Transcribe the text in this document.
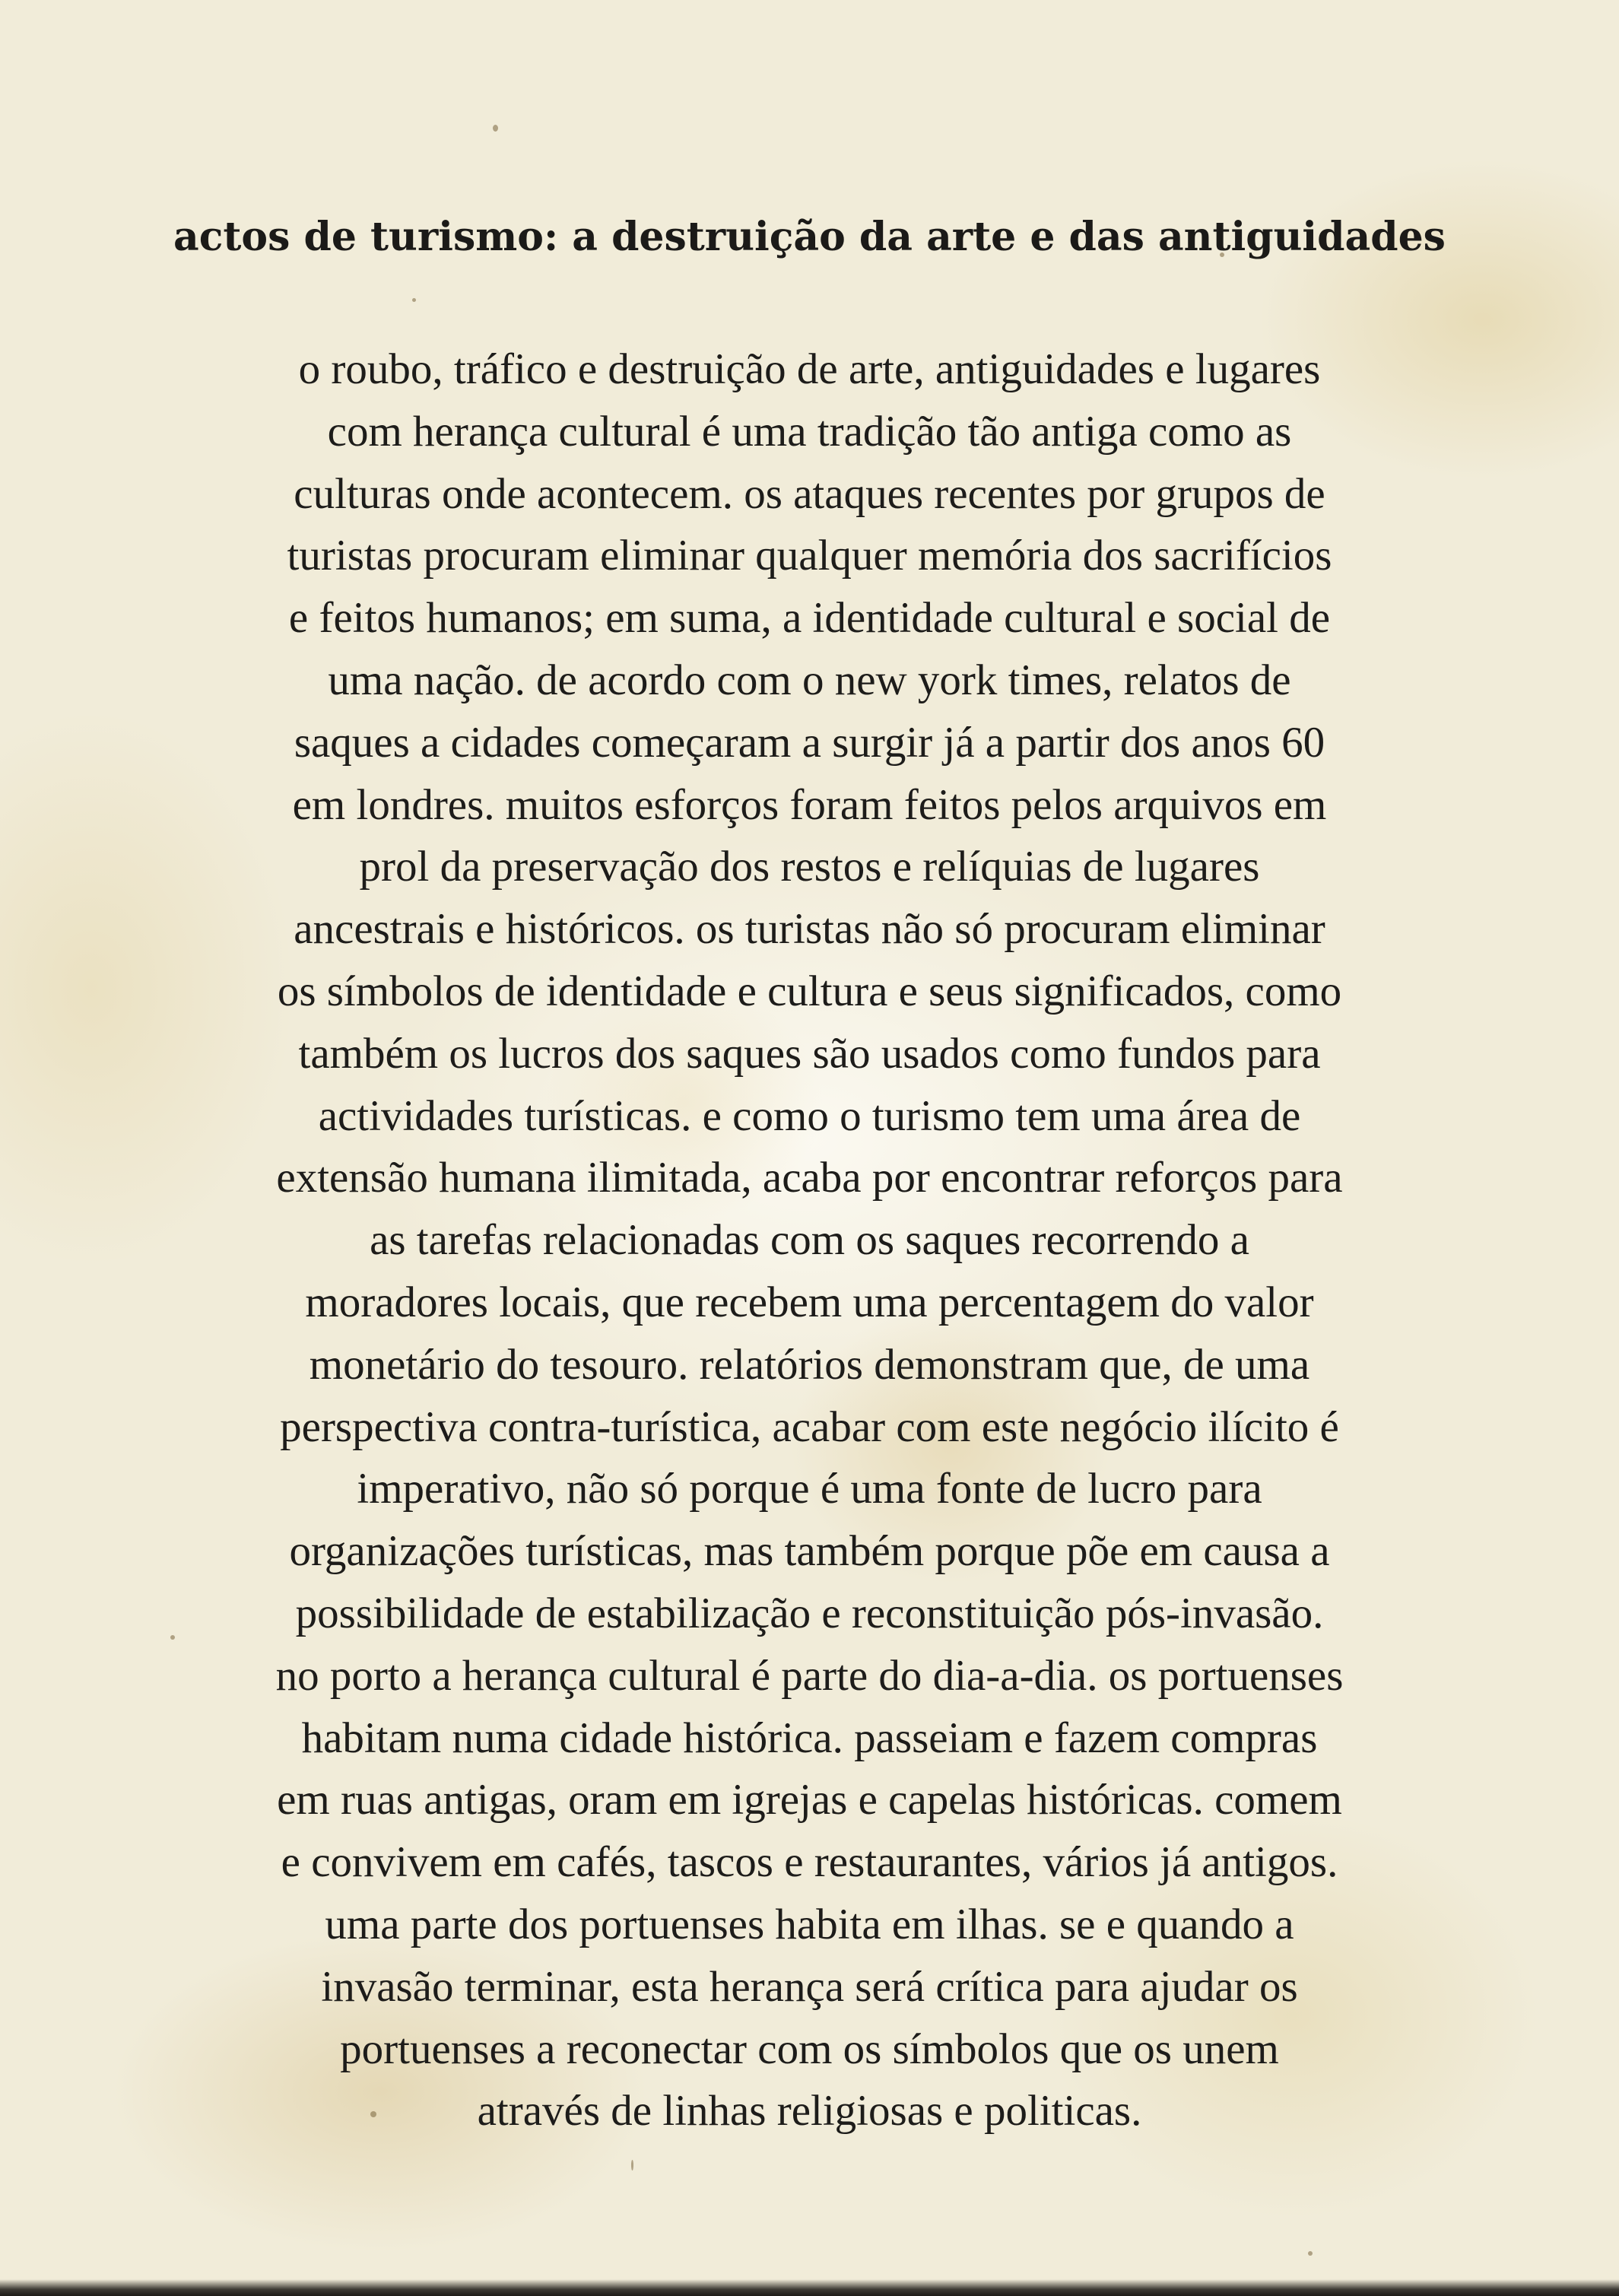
actos de turismo: a destruição da arte e das antiguidades
o roubo, tráfico e destruição de arte, antiguidades e lugares
com herança cultural é uma tradição tão antiga como as
culturas onde acontecem. os ataques recentes por grupos de
turistas procuram eliminar qualquer memória dos sacrifícios
e feitos humanos; em suma, a identidade cultural e social de
uma nação. de acordo com o new york times, relatos de
saques a cidades começaram a surgir já a partir dos anos 60
em londres. muitos esforços foram feitos pelos arquivos em
prol da preservação dos restos e relíquias de lugares
ancestrais e históricos. os turistas não só procuram eliminar
os símbolos de identidade e cultura e seus significados, como
também os lucros dos saques são usados como fundos para
actividades turísticas. e como o turismo tem uma área de
extensão humana ilimitada, acaba por encontrar reforços para
as tarefas relacionadas com os saques recorrendo a
moradores locais, que recebem uma percentagem do valor
monetário do tesouro. relatórios demonstram que, de uma
perspectiva contra-turística, acabar com este negócio ilícito é
imperativo, não só porque é uma fonte de lucro para
organizações turísticas, mas também porque põe em causa a
possibilidade de estabilização e reconstituição pós-invasão.
no porto a herança cultural é parte do dia-a-dia. os portuenses
habitam numa cidade histórica. passeiam e fazem compras
em ruas antigas, oram em igrejas e capelas históricas. comem
e convivem em cafés, tascos e restaurantes, vários já antigos.
uma parte dos portuenses habita em ilhas. se e quando a
invasão terminar, esta herança será crítica para ajudar os
portuenses a reconectar com os símbolos que os unem
através de linhas religiosas e politicas.
